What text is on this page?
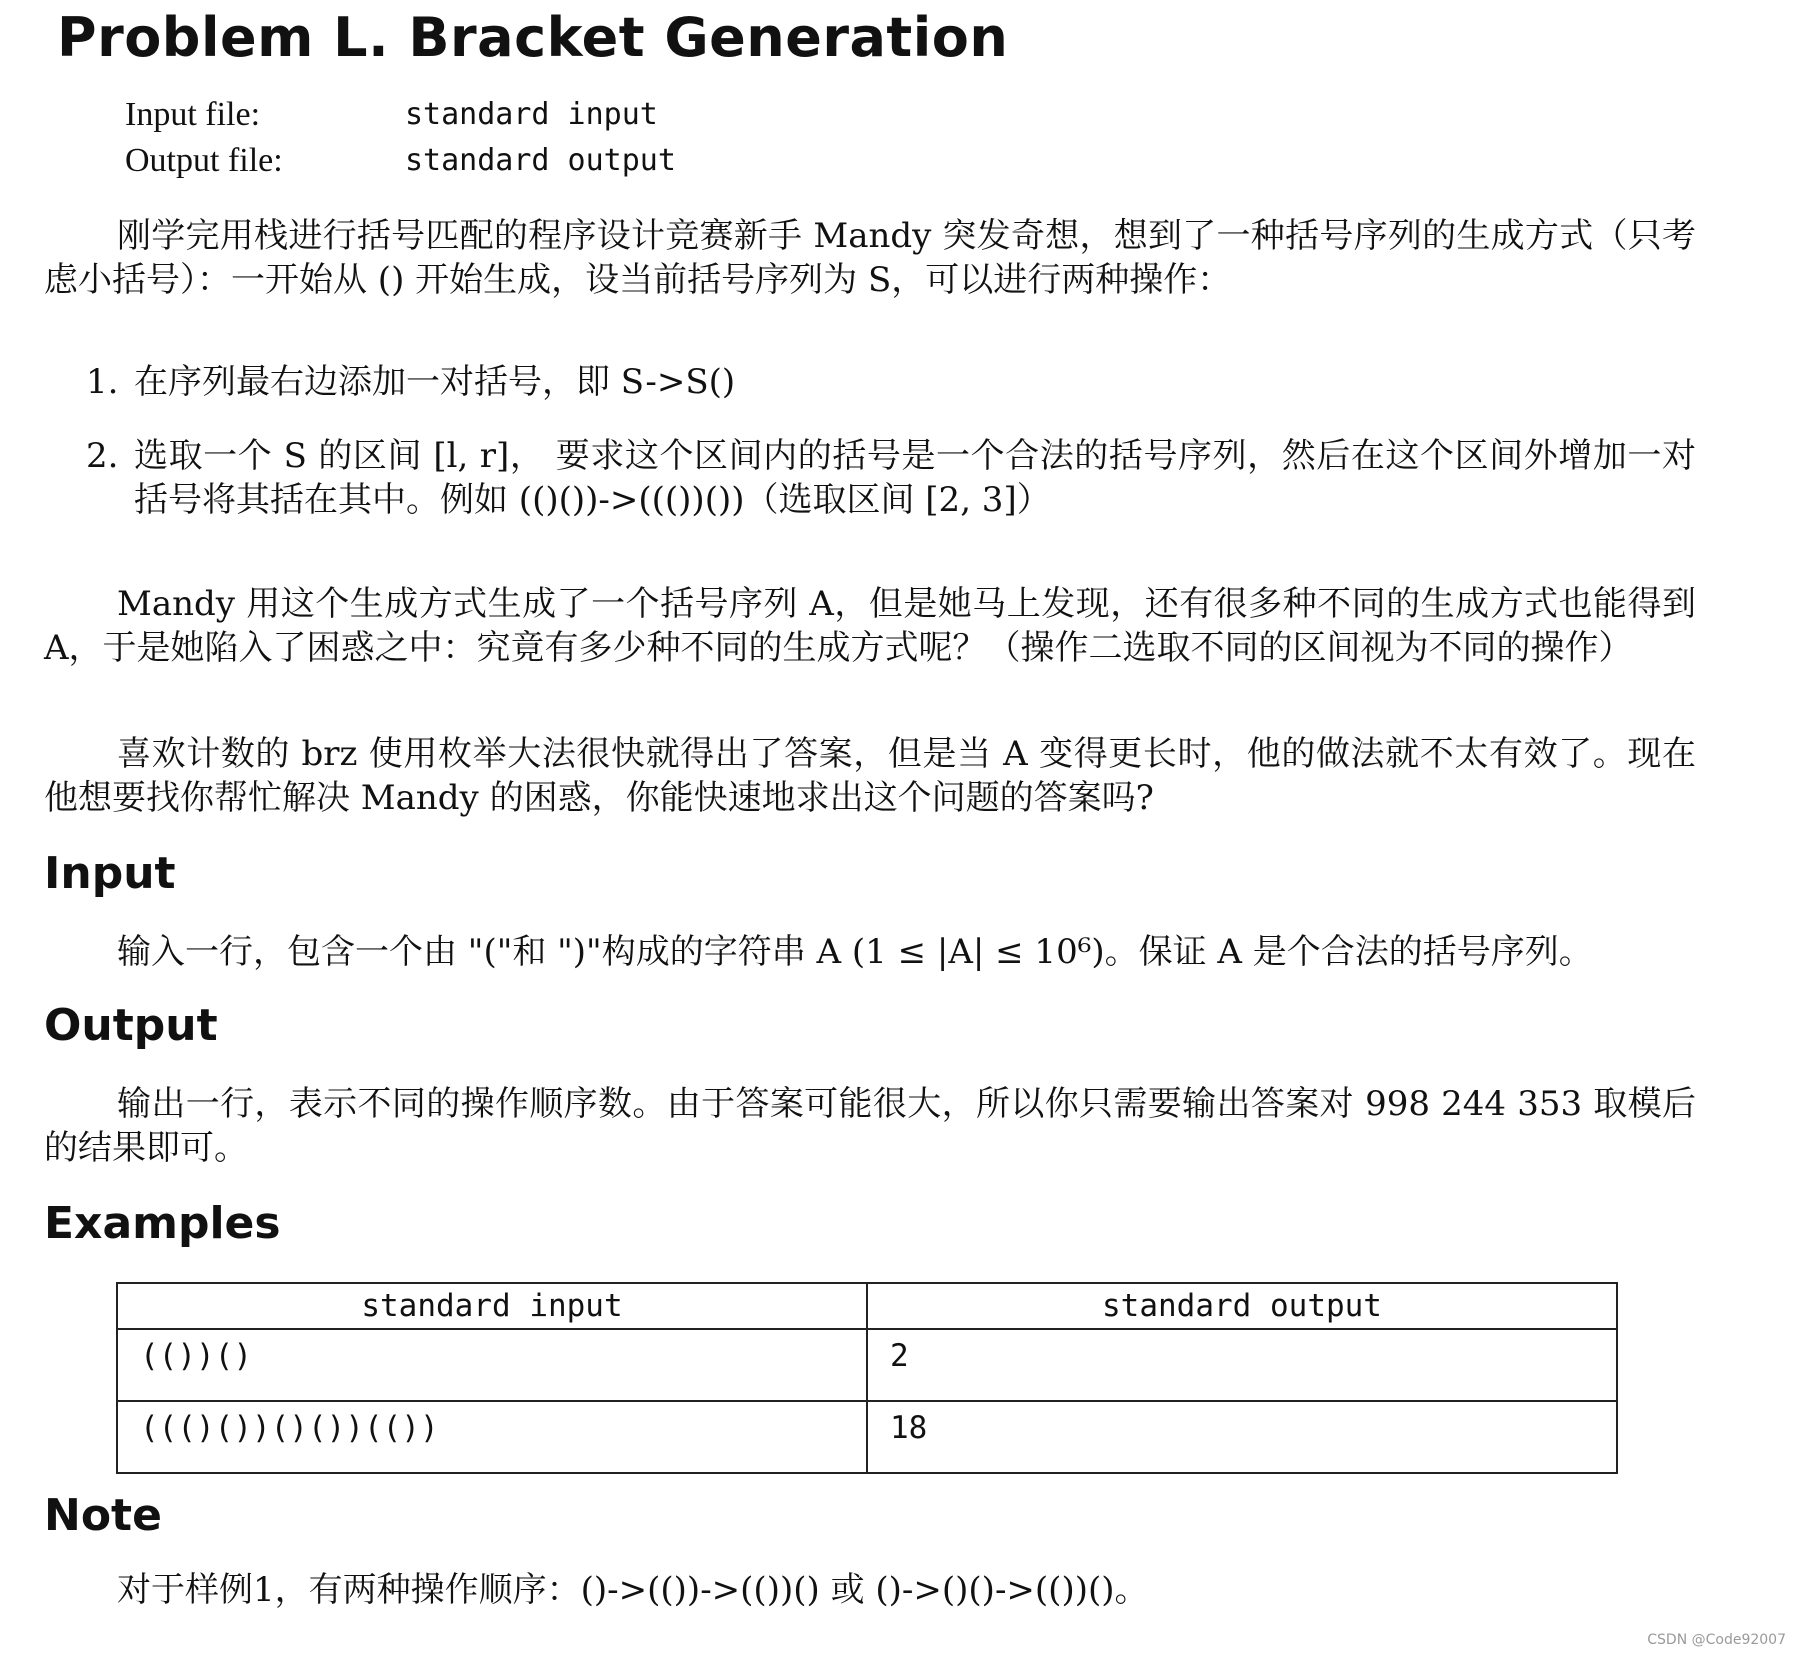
Problem L. Bracket Generation
Input file:	standard input
Output file:	standard output

刚学完用栈进行括号匹配的程序设计竞赛新手 Mandy 突发奇想，想到了一种括号序列的生成方式（只考虑小括号）：一开始从 () 开始生成，设当前括号序列为 S，可以进行两种操作：

1. 在序列最右边添加一对括号，即 S->S()
2. 选取一个 S 的区间 [l, r]， 要求这个区间内的括号是一个合法的括号序列，然后在这个区间外增加一对括号将其括在其中。例如 (()())->((())())（选取区间 [2, 3]）

Mandy 用这个生成方式生成了一个括号序列 A，但是她马上发现，还有很多种不同的生成方式也能得到 A，于是她陷入了困惑之中：究竟有多少种不同的生成方式呢？（操作二选取不同的区间视为不同的操作）

喜欢计数的 brz 使用枚举大法很快就得出了答案，但是当 A 变得更长时，他的做法就不太有效了。现在他想要找你帮忙解决 Mandy 的困惑，你能快速地求出这个问题的答案吗?

Input

输入一行，包含一个由 "("和 ")"构成的字符串 A (1 ≤ |A| ≤ 10⁶)。保证 A 是个合法的括号序列。

Output

输出一行，表示不同的操作顺序数。由于答案可能很大，所以你只需要输出答案对 998 244 353 取模后的结果即可。

Examples
standard input	standard output
(())()	2
((()())()())(())	18
Note

对于样例1，有两种操作顺序：()->(())->(())() 或 ()->()()->(())()。

CSDN @Code92007
